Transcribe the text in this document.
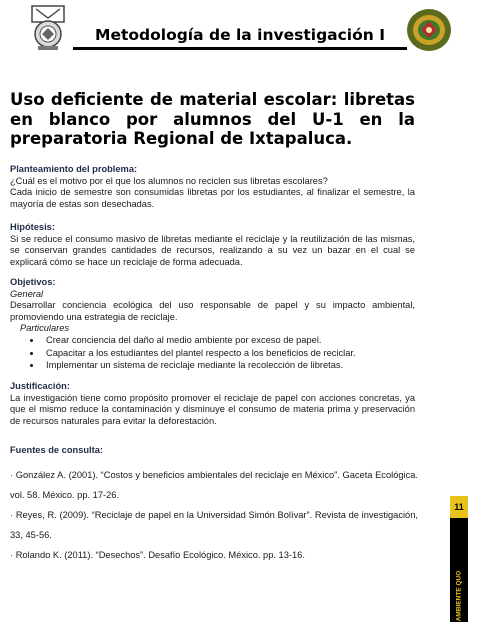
Metodología de la investigación I
Uso deficiente de material escolar: libretas en blanco por alumnos del U-1 en la preparatoria Regional de Ixtapaluca.
Planteamiento del problema:
¿Cuál es el motivo por el que los alumnos no reciclen sus libretas escolares?
Cada inicio de semestre son consumidas libretas por los estudiantes, al finalizar el semestre, la mayoría de estas son desechadas.
Hipótesis:
Si se reduce el consumo masivo de libretas mediante el reciclaje y la reutilización de las mismas, se conservan grandes cantidades de recursos, realizando a su vez un bazar en el cual se explicará cómo se hace un reciclaje de forma adecuada.
Objetivos:
General
Desarrollar conciencia ecológica del uso responsable de papel y su impacto ambiental, promoviendo una estrategia de reciclaje.
Particulares
• Crear conciencia del daño al medio ambiente por exceso de papel.
• Capacitar a los estudiantes del plantel respecto a los beneficios de reciclar.
• Implementar un sistema de reciclaje mediante la recolección de libretas.
Justificación:
La investigación tiene como propósito promover el reciclaje de papel con acciones concretas, ya que el mismo reduce la contaminación y disminuye el consumo de materia prima y preservación de recursos naturales para evitar la deforestación.
Fuentes de consulta:
· González A. (2001). “Costos y beneficios ambientales del reciclaje en México”. Gaceta Ecológica. vol. 58. México. pp. 17-26.
· Reyes, R. (2009). “Reciclaje de papel en la Universidad Simón Bolívar”. Revista de investigación, 33, 45-56.
· Rolando K. (2011). “Desechos”. Desafío Ecológico. México. pp. 13-16.
11
AMBIENTE QUO
